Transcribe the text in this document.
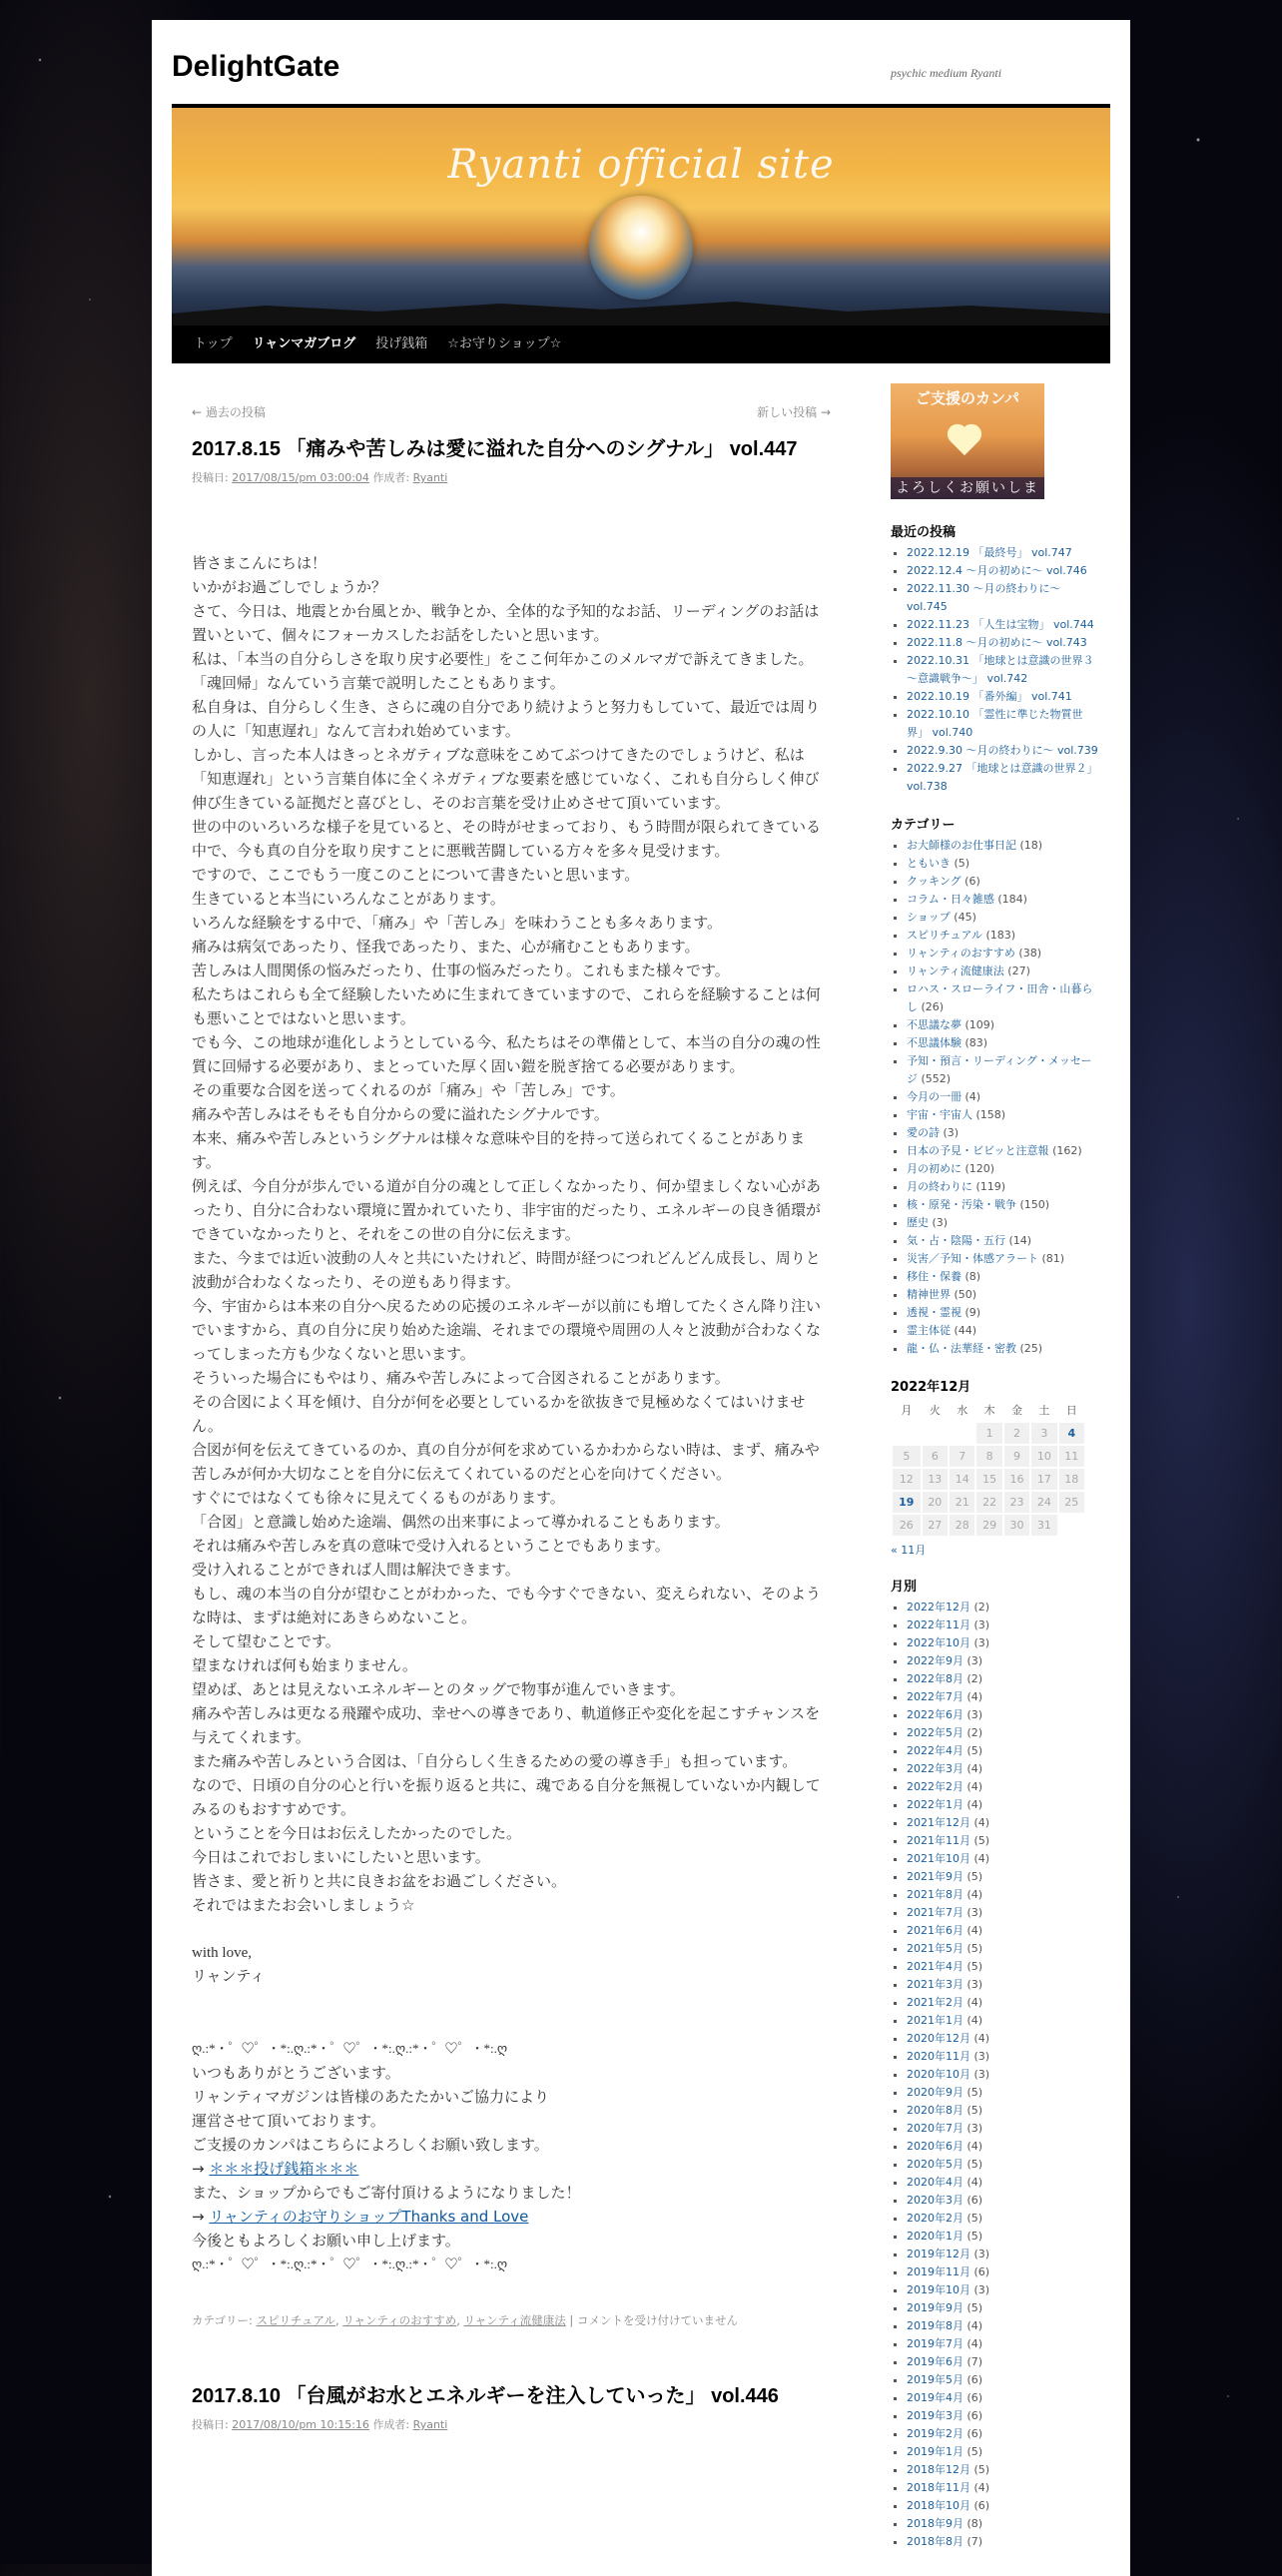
DelightGate	psychic medium Ryanti
Ryanti official site
トップ リャンマガブログ 投げ銭箱 ☆お守りショップ☆
← 過去の投稿	新しい投稿 →
2017.8.15 「痛みや苦しみは愛に溢れた自分へのシグナル」 vol.447
投稿日: 2017/08/15/pm 03:00:04 作成者: Ryanti

皆さまこんにちは！

いかがお過ごしでしょうか？

さて、今日は、地震とか台風とか、戦争とか、全体的な予知的なお話、リーディングのお話は置いといて、個々にフォーカスしたお話をしたいと思います。

私は、「本当の自分らしさを取り戻す必要性」をここ何年かこのメルマガで訴えてきました。

「魂回帰」なんていう言葉で説明したこともあります。

私自身は、自分らしく生き、さらに魂の自分であり続けようと努力もしていて、最近では周りの人に「知恵遅れ」なんて言われ始めています。

しかし、言った本人はきっとネガティブな意味をこめてぶつけてきたのでしょうけど、私は「知恵遅れ」という言葉自体に全くネガティブな要素を感じていなく、これも自分らしく伸び伸び生きている証拠だと喜びとし、そのお言葉を受け止めさせて頂いています。

世の中のいろいろな様子を見ていると、その時がせまっており、もう時間が限られてきている中で、今も真の自分を取り戻すことに悪戦苦闘している方々を多々見受けます。

ですので、ここでもう一度このことについて書きたいと思います。

生きていると本当にいろんなことがあります。

いろんな経験をする中で、「痛み」や「苦しみ」を味わうことも多々あります。

痛みは病気であったり、怪我であったり、また、心が痛むこともあります。

苦しみは人間関係の悩みだったり、仕事の悩みだったり。これもまた様々です。

私たちはこれらも全て経験したいために生まれてきていますので、これらを経験することは何も悪いことではないと思います。

でも今、この地球が進化しようとしている今、私たちはその準備として、本当の自分の魂の性質に回帰する必要があり、まとっていた厚く固い鎧を脱ぎ捨てる必要があります。

その重要な合図を送ってくれるのが「痛み」や「苦しみ」です。

痛みや苦しみはそもそも自分からの愛に溢れたシグナルです。

本来、痛みや苦しみというシグナルは様々な意味や目的を持って送られてくることがあります。

例えば、今自分が歩んでいる道が自分の魂として正しくなかったり、何か望ましくない心があったり、自分に合わない環境に置かれていたり、非宇宙的だったり、エネルギーの良き循環ができていなかったりと、それをこの世の自分に伝えます。

また、今までは近い波動の人々と共にいたけれど、時間が経つにつれどんどん成長し、周りと波動が合わなくなったり、その逆もあり得ます。

今、宇宙からは本来の自分へ戻るための応援のエネルギーが以前にも増してたくさん降り注いでいますから、真の自分に戻り始めた途端、それまでの環境や周囲の人々と波動が合わなくなってしまった方も少なくないと思います。

そういった場合にもやはり、痛みや苦しみによって合図されることがあります。

その合図によく耳を傾け、自分が何を必要としているかを欲抜きで見極めなくてはいけません。

合図が何を伝えてきているのか、真の自分が何を求めているかわからない時は、まず、痛みや苦しみが何か大切なことを自分に伝えてくれているのだと心を向けてください。

すぐにではなくても徐々に見えてくるものがあります。

「合図」と意識し始めた途端、偶然の出来事によって導かれることもあります。

それは痛みや苦しみを真の意味で受け入れるということでもあります。

受け入れることができれば人間は解決できます。

もし、魂の本当の自分が望むことがわかった、でも今すぐできない、変えられない、そのような時は、まずは絶対にあきらめないこと。

そして望むことです。

望まなければ何も始まりません。

望めば、あとは見えないエネルギーとのタッグで物事が進んでいきます。

痛みや苦しみは更なる飛躍や成功、幸せへの導きであり、軌道修正や変化を起こすチャンスを与えてくれます。

また痛みや苦しみという合図は、「自分らしく生きるための愛の導き手」も担っています。

なので、日頃の自分の心と行いを振り返ると共に、魂である自分を無視していないか内観してみるのもおすすめです。

ということを今日はお伝えしたかったのでした。

今日はこれでおしまいにしたいと思います。

皆さま、愛と祈りと共に良きお盆をお過ごしください。

それではまたお会いしましょう☆

with love,

リャンティ

ღ.:*・゜♡゜・*:.ღ.:*・゜♡゜・*:.ღ.:*・゜♡゜・*:.ღ

いつもありがとうございます。

リャンティマガジンは皆様のあたたかいご協力により

運営させて頂いております。

ご支援のカンパはこちらによろしくお願い致します。

→ ＊＊＊投げ銭箱＊＊＊

また、ショップからでもご寄付頂けるようになりました！

→ リャンティのお守りショップThanks and Love

今後ともよろしくお願い申し上げます。

ღ.:*・゜♡゜・*:.ღ.:*・゜♡゜・*:.ღ.:*・゜♡゜・*:.ღ

カテゴリー: スピリチュアル, リャンティのおすすめ, リャンティ流健康法 | コメントを受け付けていません
2017.8.10 「台風がお水とエネルギーを注入していった」 vol.446
投稿日: 2017/08/10/pm 10:15:16 作成者: Ryanti
ご支援のカンパ
よろしくお願いします
最近の投稿
▪ 2022.12.19 「最終号」 vol.747
▪ 2022.12.4 ～月の初めに～ vol.746
▪ 2022.11.30 ～月の終わりに～ vol.745
▪ 2022.11.23 「人生は宝物」 vol.744
▪ 2022.11.8 ～月の初めに～ vol.743
▪ 2022.10.31 「地球とは意識の世界３～意識戦争～」 vol.742
▪ 2022.10.19 「番外編」 vol.741
▪ 2022.10.10 「霊性に準じた物質世界」 vol.740
▪ 2022.9.30 ～月の終わりに～ vol.739
▪ 2022.9.27 「地球とは意識の世界２」 vol.738
カテゴリー
▪ お大師様のお仕事日記 (18)
▪ ともいき (5)
▪ クッキング (6)
▪ コラム・日々雑感 (184)
▪ ショップ (45)
▪ スピリチュアル (183)
▪ リャンティのおすすめ (38)
▪ リャンティ流健康法 (27)
▪ ロハス・スローライフ・田舎・山暮らし (26)
▪ 不思議な夢 (109)
▪ 不思議体験 (83)
▪ 予知・預言・リーディング・メッセージ (552)
▪ 今月の一冊 (4)
▪ 宇宙・宇宙人 (158)
▪ 愛の詩 (3)
▪ 日本の予見・ビビッと注意報 (162)
▪ 月の初めに (120)
▪ 月の終わりに (119)
▪ 核・原発・汚染・戦争 (150)
▪ 歴史 (3)
▪ 気・占・陰陽・五行 (14)
▪ 災害／予知・体感アラート (81)
▪ 移住・保養 (8)
▪ 精神世界 (50)
▪ 透視・霊視 (9)
▪ 霊主体従 (44)
▪ 龍・仏・法華経・密教 (25)
2022年12月
月	火	水	木	金	土	日
			1	2	3	4
5	6	7	8	9	10	11
12	13	14	15	16	17	18
19	20	21	22	23	24	25
26	27	28	29	30	31	
« 11月
月別
▪ 2022年12月 (2)
▪ 2022年11月 (3)
▪ 2022年10月 (3)
▪ 2022年9月 (3)
▪ 2022年8月 (2)
▪ 2022年7月 (4)
▪ 2022年6月 (3)
▪ 2022年5月 (2)
▪ 2022年4月 (5)
▪ 2022年3月 (4)
▪ 2022年2月 (4)
▪ 2022年1月 (4)
▪ 2021年12月 (4)
▪ 2021年11月 (5)
▪ 2021年10月 (4)
▪ 2021年9月 (5)
▪ 2021年8月 (4)
▪ 2021年7月 (3)
▪ 2021年6月 (4)
▪ 2021年5月 (5)
▪ 2021年4月 (5)
▪ 2021年3月 (3)
▪ 2021年2月 (4)
▪ 2021年1月 (4)
▪ 2020年12月 (4)
▪ 2020年11月 (3)
▪ 2020年10月 (3)
▪ 2020年9月 (5)
▪ 2020年8月 (5)
▪ 2020年7月 (3)
▪ 2020年6月 (4)
▪ 2020年5月 (5)
▪ 2020年4月 (4)
▪ 2020年3月 (6)
▪ 2020年2月 (5)
▪ 2020年1月 (5)
▪ 2019年12月 (3)
▪ 2019年11月 (6)
▪ 2019年10月 (3)
▪ 2019年9月 (5)
▪ 2019年8月 (4)
▪ 2019年7月 (4)
▪ 2019年6月 (7)
▪ 2019年5月 (6)
▪ 2019年4月 (6)
▪ 2019年3月 (6)
▪ 2019年2月 (6)
▪ 2019年1月 (5)
▪ 2018年12月 (5)
▪ 2018年11月 (4)
▪ 2018年10月 (6)
▪ 2018年9月 (8)
▪ 2018年8月 (7)
